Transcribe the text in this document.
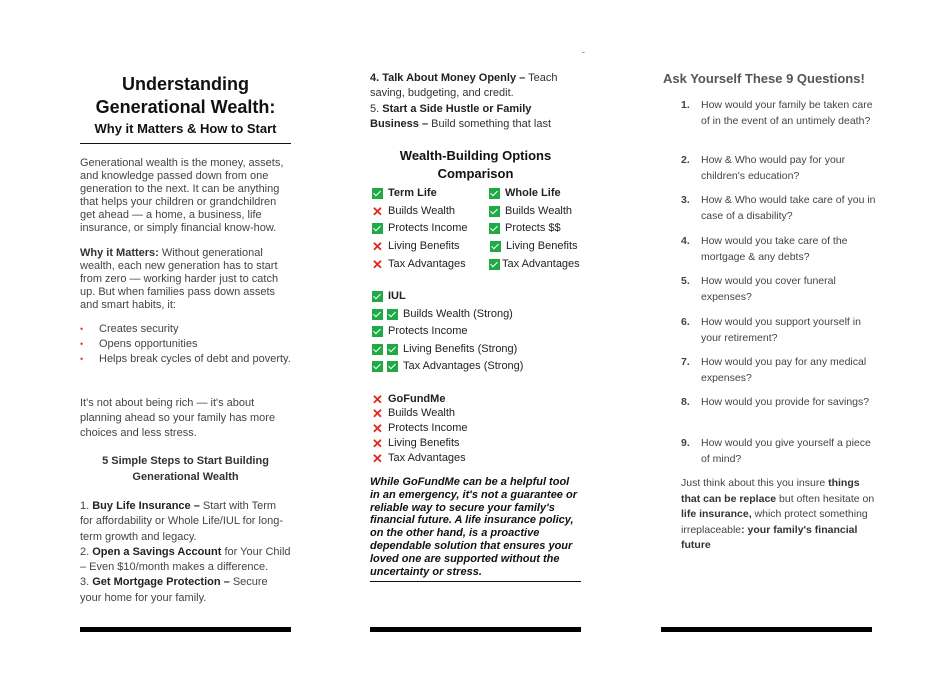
Understanding
Generational Wealth:
Why it Matters & How to Start
Generational wealth is the money, assets, and knowledge passed down from one generation to the next. It can be anything that helps your children or grandchildren get ahead — a home, a business, life insurance, or simply financial know-how.
Why it Matters: Without generational wealth, each new generation has to start from zero — working harder just to catch up. But when families pass down assets and smart habits, it:
• Creates security
• Opens opportunities
• Helps break cycles of debt and poverty.
It's not about being rich — it's about planning ahead so your family has more choices and less stress.
5 Simple Steps to Start Building Generational Wealth
1. Buy Life Insurance – Start with Term for affordability or Whole Life/IUL for long-term growth and legacy.
2. Open a Savings Account for Your Child – Even $10/month makes a difference.
3. Get Mortgage Protection – Secure your home for your family.
-
4. Talk About Money Openly – Teach saving, budgeting, and credit.
5. Start a Side Hustle or Family Business – Build something that last
Wealth-Building Options Comparison
Term Life
✕ Builds Wealth
Protects Income
✕ Living Benefits
✕ Tax Advantages
Whole Life
Builds Wealth
Protects $$
Living Benefits
Tax Advantages
IUL
Builds Wealth (Strong)
Protects Income
Living Benefits (Strong)
Tax Advantages (Strong)
✕ GoFundMe
✕ Builds Wealth
✕ Protects Income
✕ Living Benefits
✕ Tax Advantages
While GoFundMe can be a helpful tool in an emergency, it's not a guarantee or reliable way to secure your family's financial future. A life insurance policy, on the other hand, is a proactive dependable solution that ensures your loved one are supported without the uncertainty or stress.
Ask Yourself These 9 Questions!
1. How would your family be taken care of in the event of an untimely death?
2. How & Who would pay for your children's education?
3. How & Who would take care of you in case of a disability?
4. How would you take care of the mortgage & any debts?
5. How would you cover funeral expenses?
6. How would you support yourself in your retirement?
7. How would you pay for any medical expenses?
8. How would you provide for savings?
9. How would you give yourself a piece of mind?
Just think about this you insure things that can be replace but often hesitate on life insurance, which protect something irreplaceable: your family's financial future
